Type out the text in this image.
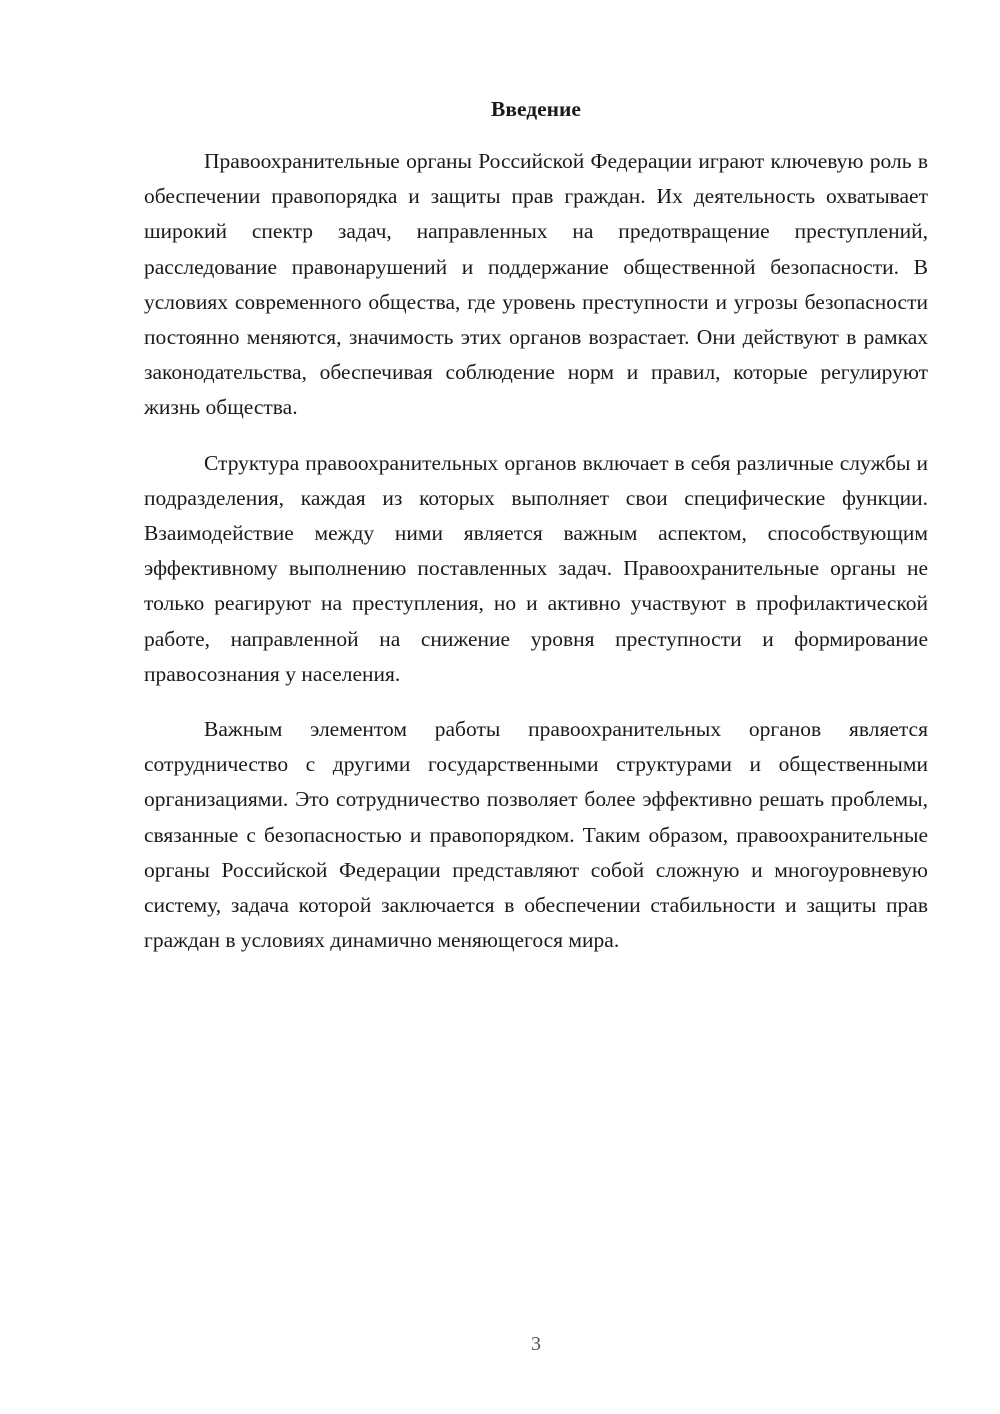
Введение

Правоохранительные органы Российской Федерации играют ключевую роль в обеспечении правопорядка и защиты прав граждан. Их деятельность охватывает широкий спектр задач, направленных на предотвращение преступлений, расследование правонарушений и поддержание общественной безопасности. В условиях современного общества, где уровень преступности и угрозы безопасности постоянно меняются, значимость этих органов возрастает. Они действуют в рамках законодательства, обеспечивая соблюдение норм и правил, которые регулируют жизнь общества.

Структура правоохранительных органов включает в себя различные службы и подразделения, каждая из которых выполняет свои специфические функции. Взаимодействие между ними является важным аспектом, способствующим эффективному выполнению поставленных задач. Правоохранительные органы не только реагируют на преступления, но и активно участвуют в профилактической работе, направленной на снижение уровня преступности и формирование правосознания у населения.

Важным элементом работы правоохранительных органов является сотрудничество с другими государственными структурами и общественными организациями. Это сотрудничество позволяет более эффективно решать проблемы, связанные с безопасностью и правопорядком. Таким образом, правоохранительные органы Российской Федерации представляют собой сложную и многоуровневую систему, задача которой заключается в обеспечении стабильности и защиты прав граждан в условиях динамично меняющегося мира.

3
